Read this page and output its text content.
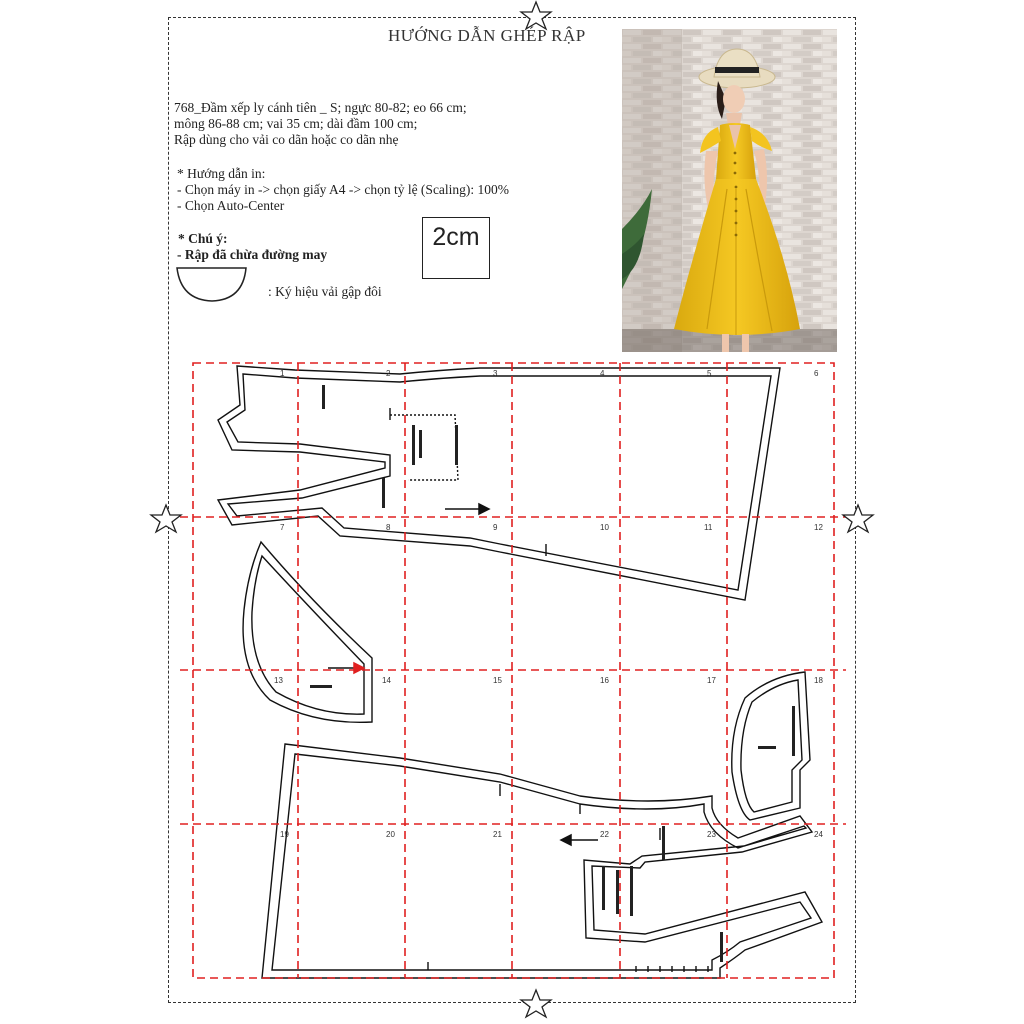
HƯỚNG DẪN GHÉP RẬP
768_Đầm xếp ly cánh tiên _ S; ngực 80-82; eo 66 cm;
mông 86-88 cm; vai 35 cm; dài đầm 100 cm;
Rập dùng cho vải co dãn hoặc co dãn nhẹ
* Hướng dẫn in:
- Chọn máy in -> chọn giấy A4 -> chọn tỷ lệ (Scaling): 100%
- Chọn Auto-Center
* Chú ý:
- Rập đã chừa đường may
2cm
: Ký hiệu vải gập đôi
1	2	3	4	5	6
7	8	9	10	11	12
13	14	15	16	17	18
19	20	21	22	23	24
